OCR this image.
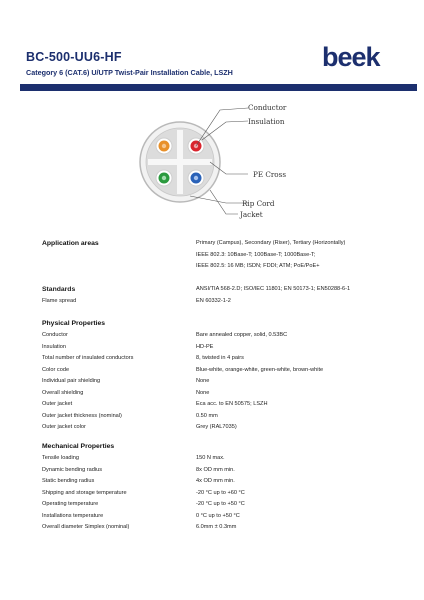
BC-500-UU6-HF
Category 6 (CAT.6) U/UTP Twist-Pair Installation Cable, LSZH
beek
Conductor
Insulation
PE Cross
Rip Cord
Jacket
Application areas	Primary (Campus), Secondary (Riser), Tertiary (Horizontally)
IEEE 802.3: 10Base-T; 100Base-T; 1000Base-T;
IEEE 802.5: 16 MB; ISDN; FDDI; ATM; PoE/PoE+
Standards	ANSI/TIA 568-2.D; ISO/IEC 11801; EN 50173-1; EN50288-6-1
Flame spread	EN 60332-1-2
Physical Properties
Conductor	Bare annealed copper, solid, 0.53BC
Insulation	HD-PE
Total number of insulated conductors	8, twisted in 4 pairs
Color code	Blue-white, orange-white, green-white, brown-white
Individual pair shielding	None
Overall shielding	None
Outer jacket	Eca acc. to EN 50575; LSZH
Outer jacket thickness (nominal)	0.50 mm
Outer jacket color	Grey (RAL7035)
Mechanical Properties
Tensile loading	150 N max.
Dynamic bending radius	8x OD mm min.
Static bending radius	4x OD mm min.
Shipping and storage temperature	-20 °C up to +60 °C
Operating temperature	-20 °C up to +50 °C
Installations temperature	0 °C up to +50 °C
Overall diameter Simplex (nominal)	6.0mm ± 0.3mm
